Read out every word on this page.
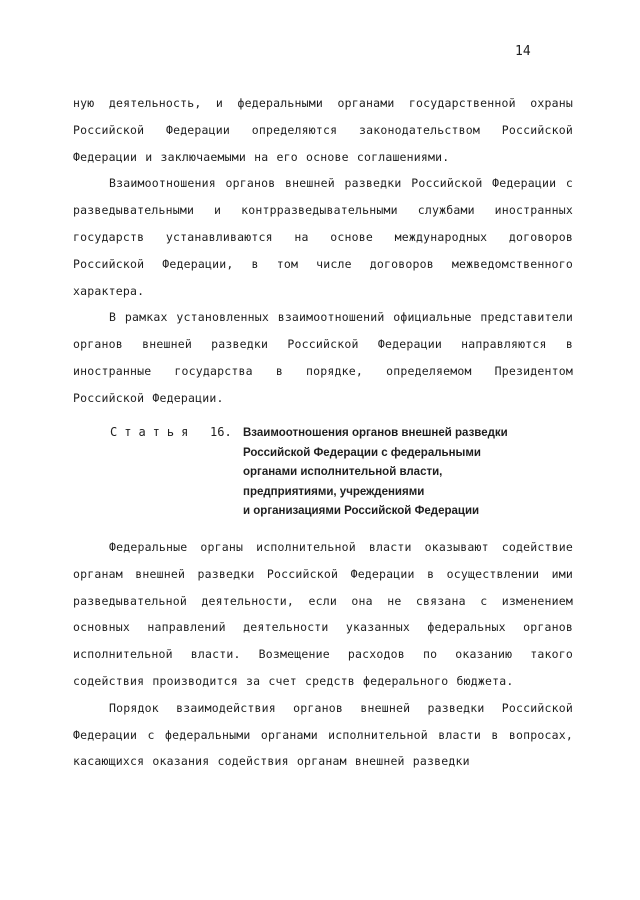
14

ную деятельность, и федеральными органами государственной охраны Российской Федерации определяются законодательством Российской Федерации и заключаемыми на его основе соглашениями.

Взаимоотношения органов внешней разведки Российской Федерации с разведывательными и контрразведывательными службами иностранных государств устанавливаются на основе международных договоров Российской Федерации, в том числе договоров межведомственного характера.

В рамках установленных взаимоотношений официальные представители органов внешней разведки Российской Федерации направляются в иностранные государства в порядке, определяемом Президентом Российской Федерации.

Статья 16. Взаимоотношения органов внешней разведки
Российской Федерации с федеральными
органами исполнительной власти,
предприятиями, учреждениями
и организациями Российской Федерации

Федеральные органы исполнительной власти оказывают содействие органам внешней разведки Российской Федерации в осуществлении ими разведывательной деятельности, если она не связана с изменением основных направлений деятельности указанных федеральных органов исполнительной власти. Возмещение расходов по оказанию такого содействия производится за счет средств федерального бюджета.

Порядок взаимодействия органов внешней разведки Российской Федерации с федеральными органами исполнительной власти в вопросах, касающихся оказания содействия органам внешней разведки
